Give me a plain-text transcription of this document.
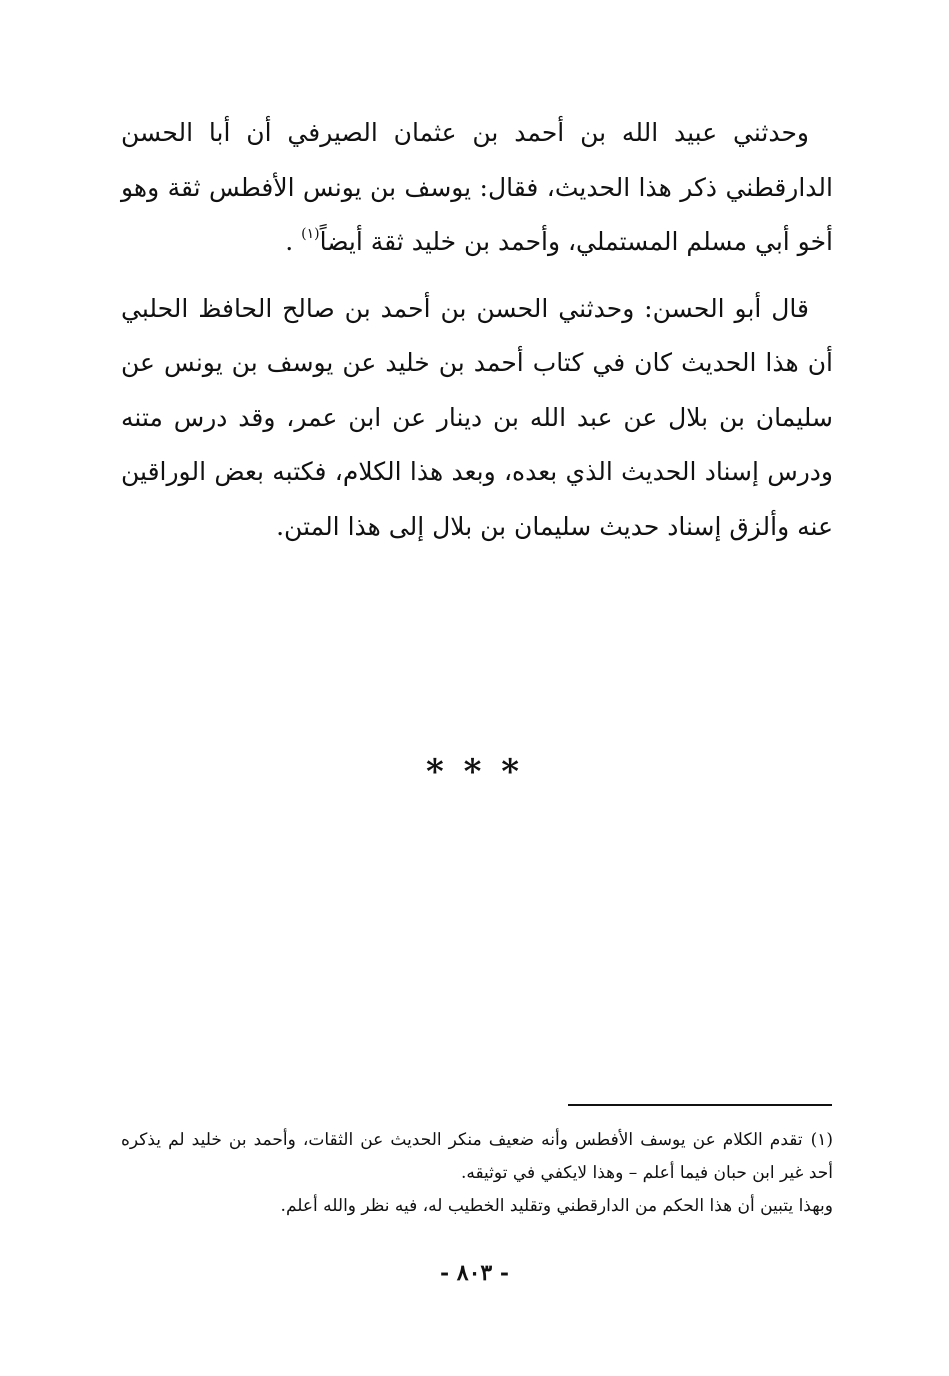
وحدثني عبيد الله بن أحمد بن عثمان الصيرفي أن أبا الحسن الدارقطني ذكر هذا الحديث، فقال: يوسف بن يونس الأفطس ثقة وهو أخو أبي مسلم المستملي، وأحمد بن خليد ثقة أيضاً$^{(١)}$ .

قال أبو الحسن: وحدثني الحسن بن أحمد بن صالح الحافظ الحلبي أن هذا الحديث كان في كتاب أحمد بن خليد عن يوسف بن يونس عن سليمان بن بلال عن عبد الله بن دينار عن ابن عمر، وقد درس متنه ودرس إسناد الحديث الذي بعده، وبعد هذا الكلام، فكتبه بعض الوراقين عنه وألزق إسناد حديث سليمان بن بلال إلى هذا المتن.

* * *

(١)تقدم الكلام عن يوسف الأفطس وأنه ضعيف منكر الحديث عن الثقات، وأحمد بن خليد لم يذكره أحد غير ابن حبان فيما أعلم – وهذا لايكفي في توثيقه.

وبهذا يتبين أن هذا الحكم من الدارقطني وتقليد الخطيب له، فيه نظر والله أعلم.

- ٨٠٣ -
